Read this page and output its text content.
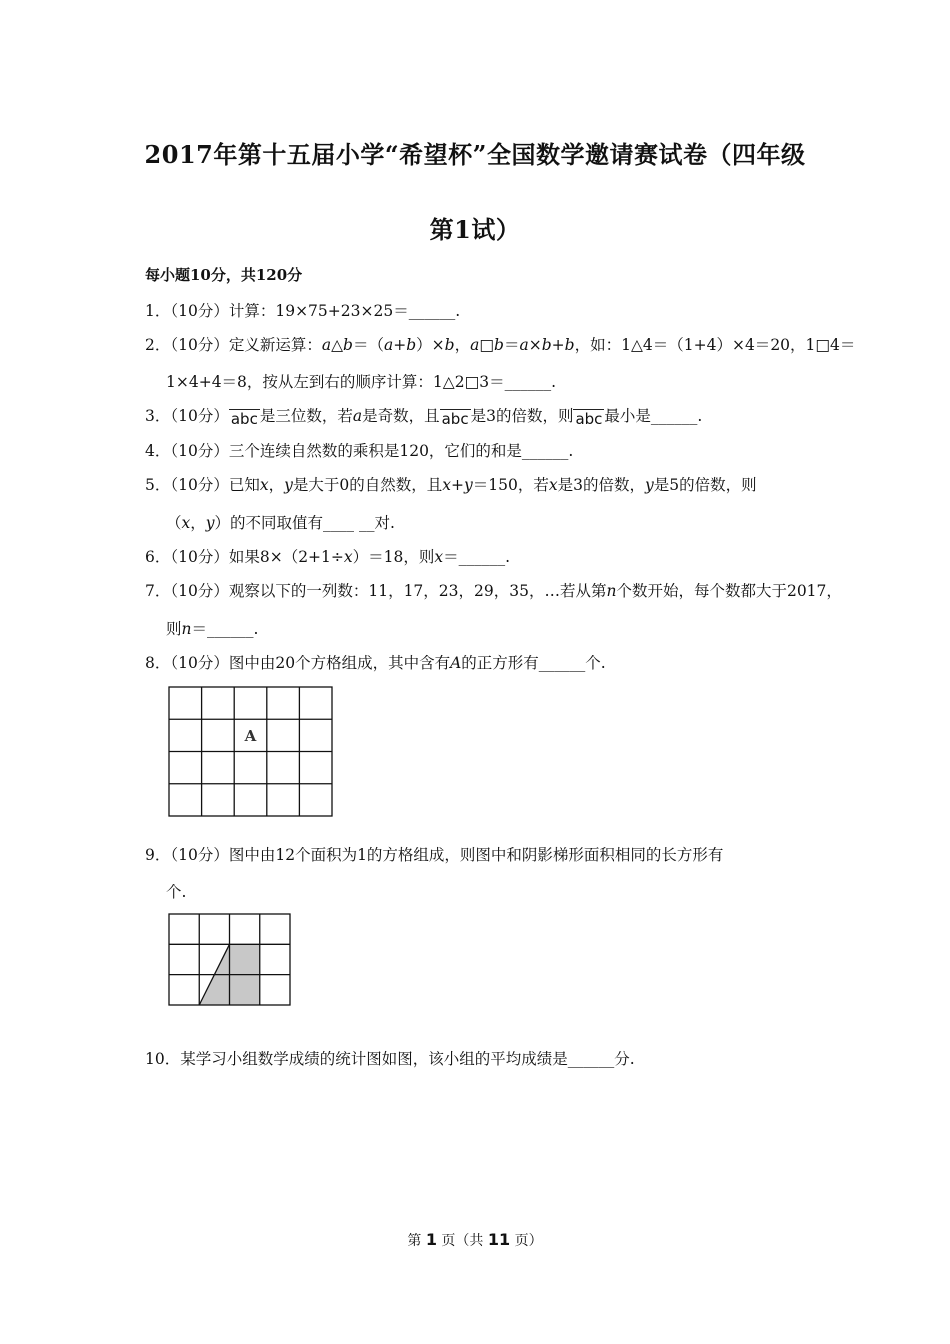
2017年第十五届小学“希望杯”全国数学邀请赛试卷（四年级
第1试）
每小题10分，共120分
1．（10分）计算：19×75+23×25＝______.
2．（10分）定义新运算：a△b＝（a+b）×b，a□b＝a×b+b，如：1△4＝（1+4）×4＝20，1□4＝
1×4+4＝8，按从左到右的顺序计算：1△2□3＝______.
3．（10分） abc 是三位数，若a是奇数，且 abc 是3的倍数，则 abc 最小是______.
4．（10分）三个连续自然数的乘积是120，它们的和是______.
5．（10分）已知x，y是大于0的自然数，且x+y＝150，若x是3的倍数，y是5的倍数，则
（x，y）的不同取值有____ __对.
6．（10分）如果8×（2+1÷x）＝18，则x＝______.
7．（10分）观察以下的一列数：11，17，23，29，35，…若从第n个数开始，每个数都大于2017，
则n＝______.
8．（10分）图中由20个方格组成，其中含有A的正方形有______个.
A
9．（10分）图中由12个面积为1的方格组成，则图中和阴影梯形面积相同的长方形有
个.
10．某学习小组数学成绩的统计图如图，该小组的平均成绩是______分.
第 1 页（共 11 页）
